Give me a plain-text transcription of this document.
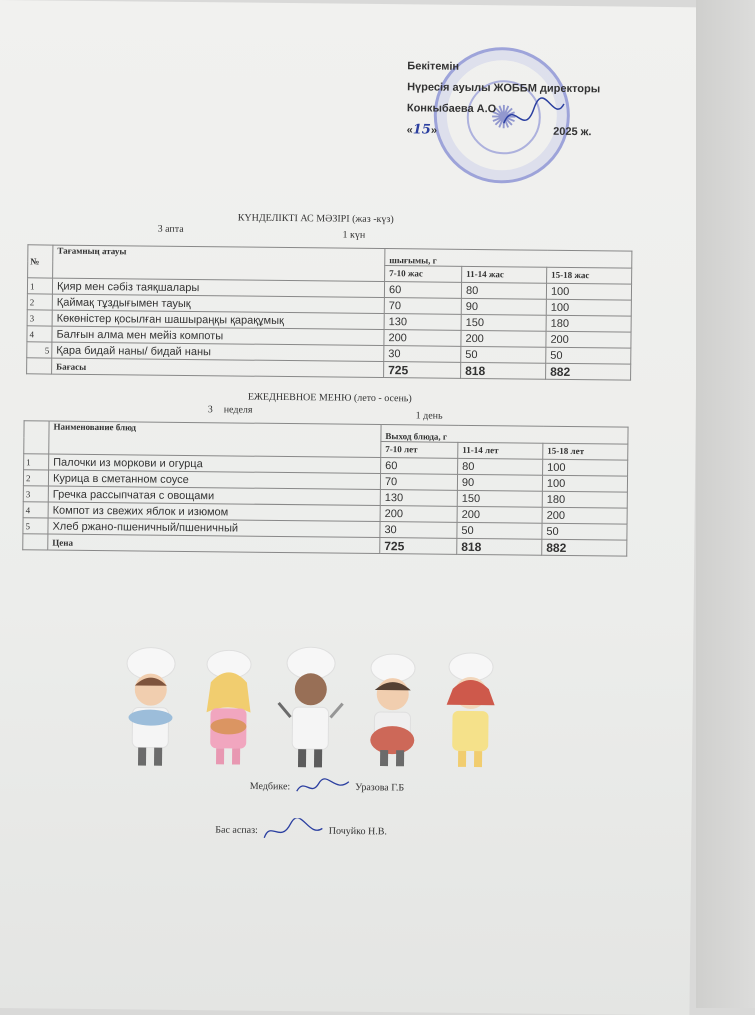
✺
Бекітемін
Нүресія ауылы ЖОББМ директоры
Конкыбаева А.О
«15»	2025 ж.
КҮНДЕЛІКТІ АС МӘЗІРІ (жаз -күз)
3 апта
1 күн
№	Тағамның атауы	шығымы, г		
		7-10 жас	11-14 жас	15-18 жас
1	Қияр мен сәбіз таяқшалары	60	80	100
2	Қаймақ тұздығымен тауық	70	90	100
3	Көкөністер қосылған шашыраңқы қарақұмық	130	150	180
4	Балғын алма мен мейіз компоты	200	200	200
5	Қара бидай наны/ бидай наны	30	50	50
	Бағасы	725	818	882
ЕЖЕДНЕВНОЕ МЕНЮ (лето - осень)
3 неделя
1 день
	Наименование блюд	Выход блюда, г		
		7-10 лет	11-14 лет	15-18 лет
1	Палочки из моркови и огурца	60	80	100
2	Курица в сметанном соусе	70	90	100
3	Гречка рассыпчатая с овощами	130	150	180
4	Компот из свежих яблок и изюмом	200	200	200
5	Хлеб ржано-пшеничный/пшеничный	30	50	50
	Цена	725	818	882
Медбике:	Уразова Г.Б
Бас аспаз:	Почуйко Н.В.
